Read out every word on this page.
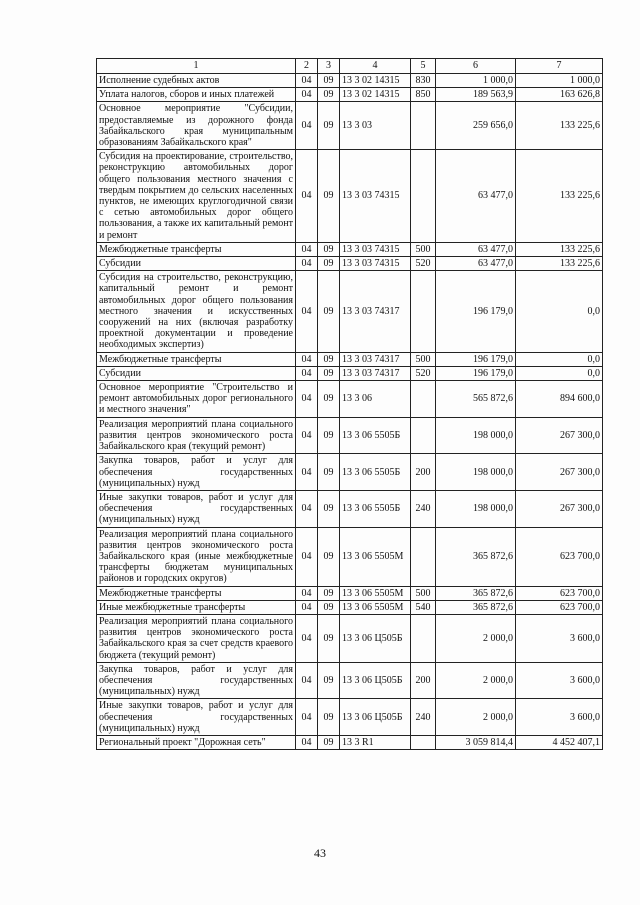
1	2	3	4	5	6	7
Исполнение судебных актов	04	09	13 3 02 14315	830	1 000,0	1 000,0
Уплата налогов, сборов и иных платежей	04	09	13 3 02 14315	850	189 563,9	163 626,8
Основное мероприятие "Субсидии, предоставляемые из дорожного фонда Забайкальского края муниципальным образованиям Забайкальского края"	04	09	13 3 03		259 656,0	133 225,6
Субсидия на проектирование, строительство, реконструкцию автомобильных дорог общего пользования местного значения с твердым покрытием до сельских населенных пунктов, не имеющих круглогодичной связи с сетью автомобильных дорог общего пользования, а также их капитальный ремонт и ремонт	04	09	13 3 03 74315		63 477,0	133 225,6
Межбюджетные трансферты	04	09	13 3 03 74315	500	63 477,0	133 225,6
Субсидии	04	09	13 3 03 74315	520	63 477,0	133 225,6
Субсидия на строительство, реконструкцию, капитальный ремонт и ремонт автомобильных дорог общего пользования местного значения и искусственных сооружений на них (включая разработку проектной документации и проведение необходимых экспертиз)	04	09	13 3 03 74317		196 179,0	0,0
Межбюджетные трансферты	04	09	13 3 03 74317	500	196 179,0	0,0
Субсидии	04	09	13 3 03 74317	520	196 179,0	0,0
Основное мероприятие "Строительство и ремонт автомобильных дорог регионального и местного значения"	04	09	13 3 06		565 872,6	894 600,0
Реализация мероприятий плана социального развития центров экономического роста Забайкальского края (текущий ремонт)	04	09	13 3 06 5505Б		198 000,0	267 300,0
Закупка товаров, работ и услуг для обеспечения государственных (муниципальных) нужд	04	09	13 3 06 5505Б	200	198 000,0	267 300,0
Иные закупки товаров, работ и услуг для обеспечения государственных (муниципальных) нужд	04	09	13 3 06 5505Б	240	198 000,0	267 300,0
Реализация мероприятий плана социального развития центров экономического роста Забайкальского края (иные межбюджетные трансферты бюджетам муниципальных районов и городских округов)	04	09	13 3 06 5505М		365 872,6	623 700,0
Межбюджетные трансферты	04	09	13 3 06 5505М	500	365 872,6	623 700,0
Иные межбюджетные трансферты	04	09	13 3 06 5505М	540	365 872,6	623 700,0
Реализация мероприятий плана социального развития центров экономического роста Забайкальского края за счет средств краевого бюджета (текущий ремонт)	04	09	13 3 06 Ц505Б		2 000,0	3 600,0
Закупка товаров, работ и услуг для обеспечения государственных (муниципальных) нужд	04	09	13 3 06 Ц505Б	200	2 000,0	3 600,0
Иные закупки товаров, работ и услуг для обеспечения государственных (муниципальных) нужд	04	09	13 3 06 Ц505Б	240	2 000,0	3 600,0
Региональный проект "Дорожная сеть"	04	09	13 3 R1		3 059 814,4	4 452 407,1
43
